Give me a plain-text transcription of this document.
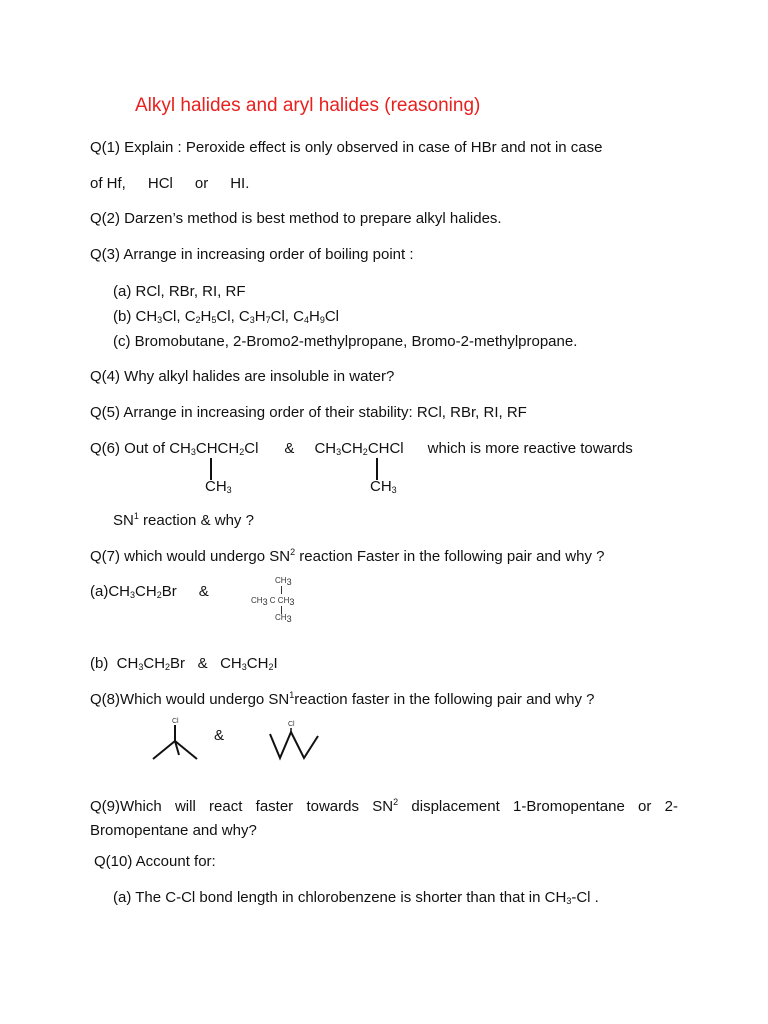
Alkyl halides and aryl halides (reasoning)
Q(1) Explain : Peroxide effect is only observed in case of HBr and not in case
of Hf, HCl or HI.
Q(2) Darzen’s method is best method to prepare alkyl halides.
Q(3) Arrange in increasing order of boiling point :
(a) RCl, RBr, RI, RF
(b) $CH_3Cl$, $C_2H_5Cl$, $C_3H_7Cl$, $C_4H_9Cl$
(c) Bromobutane, 2-Bromo2-methylpropane, Bromo-2-methylpropane.
Q(4) Why alkyl halides are insoluble in water?
Q(5) Arrange in increasing order of their stability: RCl, RBr, RI, RF
Q(6) Out of $CH_3CHCH_2Cl$ & $CH_3CH_2CHCl$ which is more reactive towards
$CH_3$	$CH_3$
$SN^1$ reaction & why ?
Q(7) which would undergo $SN^2$ reaction Faster in the following pair and why ?
$(a)CH_3CH_2Br$ &
$CH_3$
$CH_3$ C $CH_3$
$CH_3$
(b)  $CH_3CH_2Br$   &   $CH_3CH_2I$
Q(8)Which would undergo $SN^1reaction$ faster in the following pair and why ?
Cl
&
Cl
Q(9)Which will react faster towards $SN^2$ displacement 1-Bromopentane or 2-
Bromopentane and why?
Q(10) Account for:
(a) The C-Cl bond length in chlorobenzene is shorter than that in $CH_3-Cl$ .
